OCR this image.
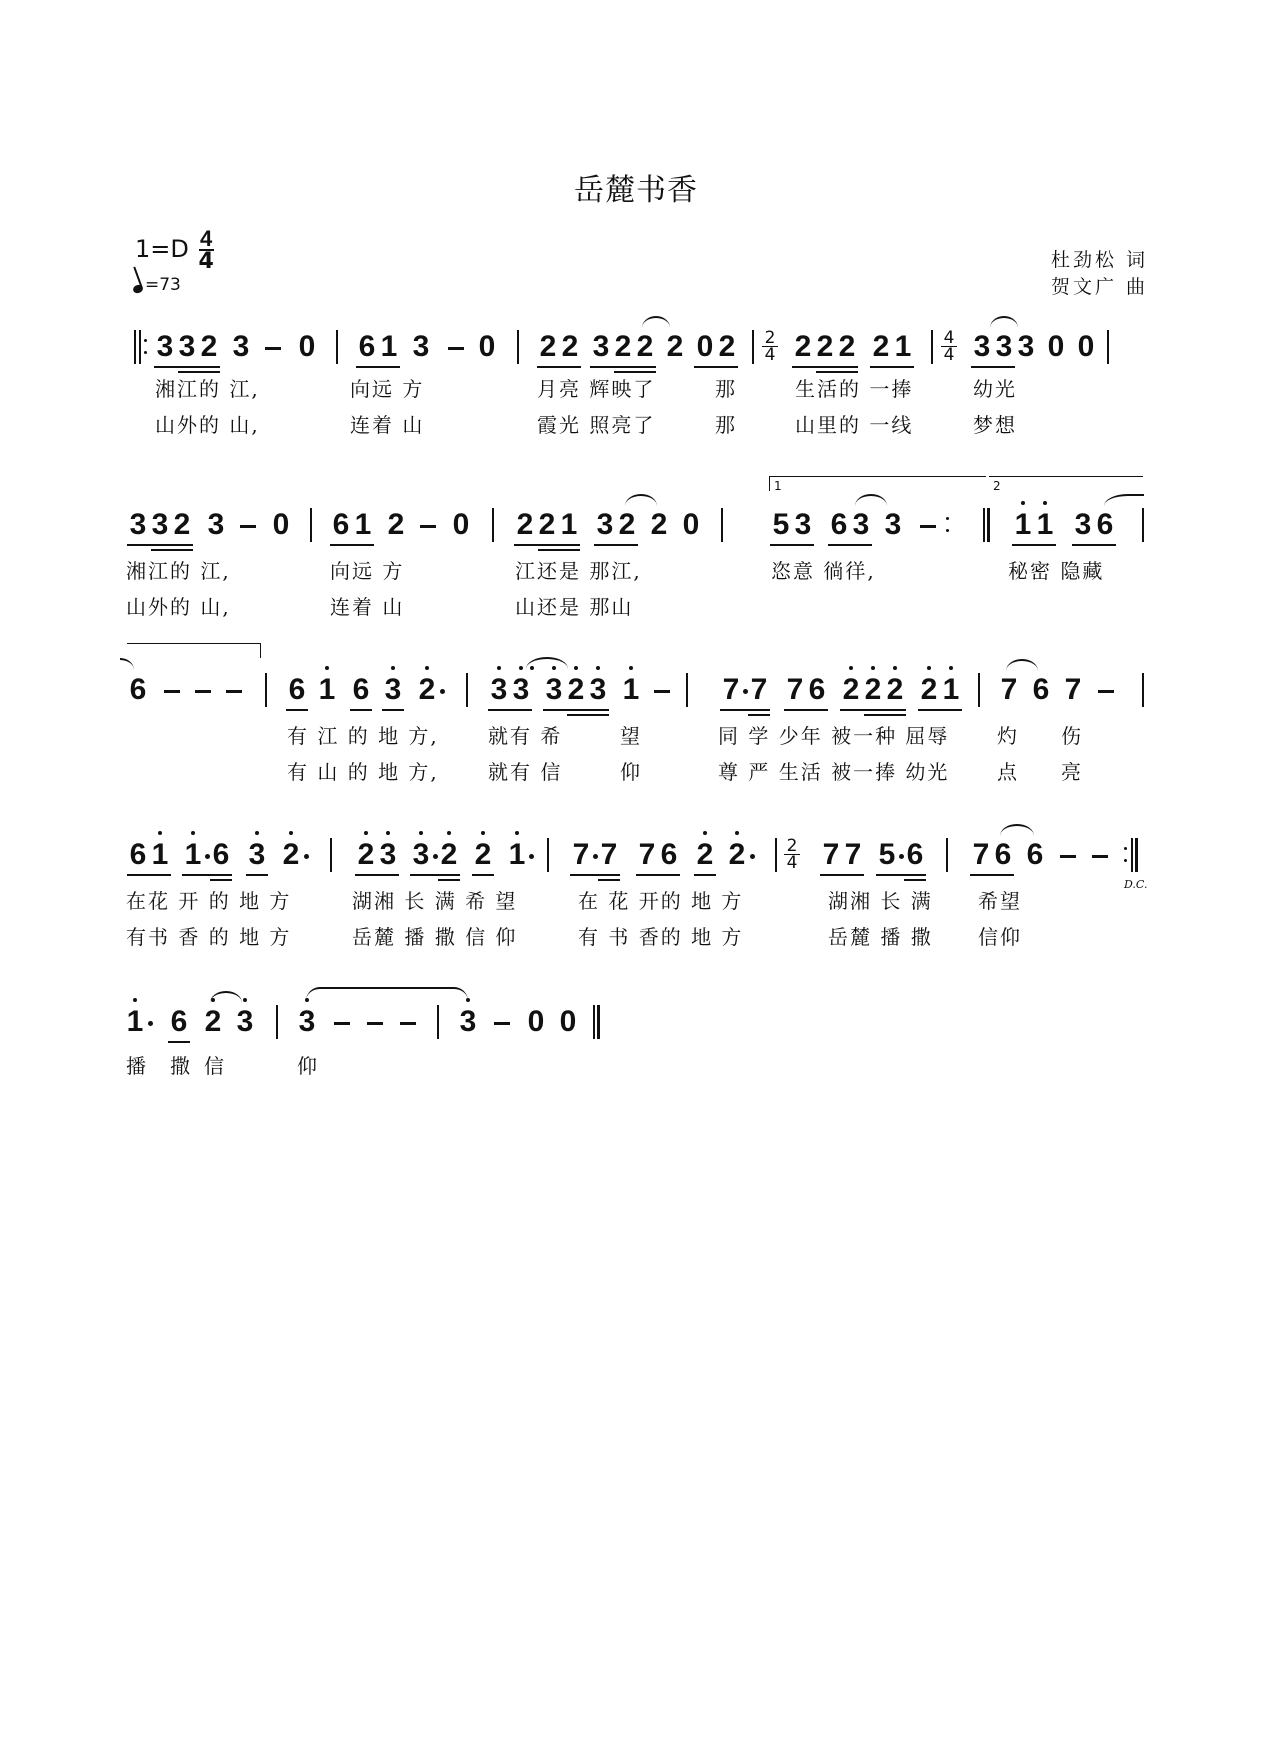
岳麓书香
$1=D \frac{4}{4}$
=73
杜劲松 词
贺文广 曲
3 3 2 3 0 6 1 3 0 2 2 3 2 2 2 0 2 2
4 2 2 2 2 1 4
4 3 3 3 0 0
湘江的 江,	向远 方	月亮 辉映了	那	生活的 一捧	幼光
山外的 山,	连着 山	霞光 照亮了	那	山里的 一线	梦想
3 3 2 3 0 6 1 2 0 2 2 1 3 2 2 0
1
5 3 6 3 3
2
1 1 3 6
湘江的 江,	向远 方	江还是 那江,	恣意 徜徉,	秘密 隐藏
山外的 山,	连着 山	山还是 那山
6	6 1 6 3 2 3 3 3 2 3 1	7 7 7 6 2 2 2 2 1 7 6 7
有 江 的 地 方, 就有 希	望	同 学 少年 被一种 屈辱 灼 伤
有 山 的 地 方, 就有 信	仰	尊 严 生活 被一捧 幼光 点 亮
6 1 1 6 3 2 2 3 3 2 2 1 7 7 7 6 2 2 2
4 7 7 5 6 7 6 6
D.C.
在花 开 的 地 方	湖湘 长 满 希 望	在 花 开的 地 方	湖湘 长 满 希望
有书 香 的 地 方	岳麓 播 撒 信 仰	有 书 香的 地 方	岳麓 播 撒 信仰
1 6 2 3 3	3 0 0
播 撒 信	仰
